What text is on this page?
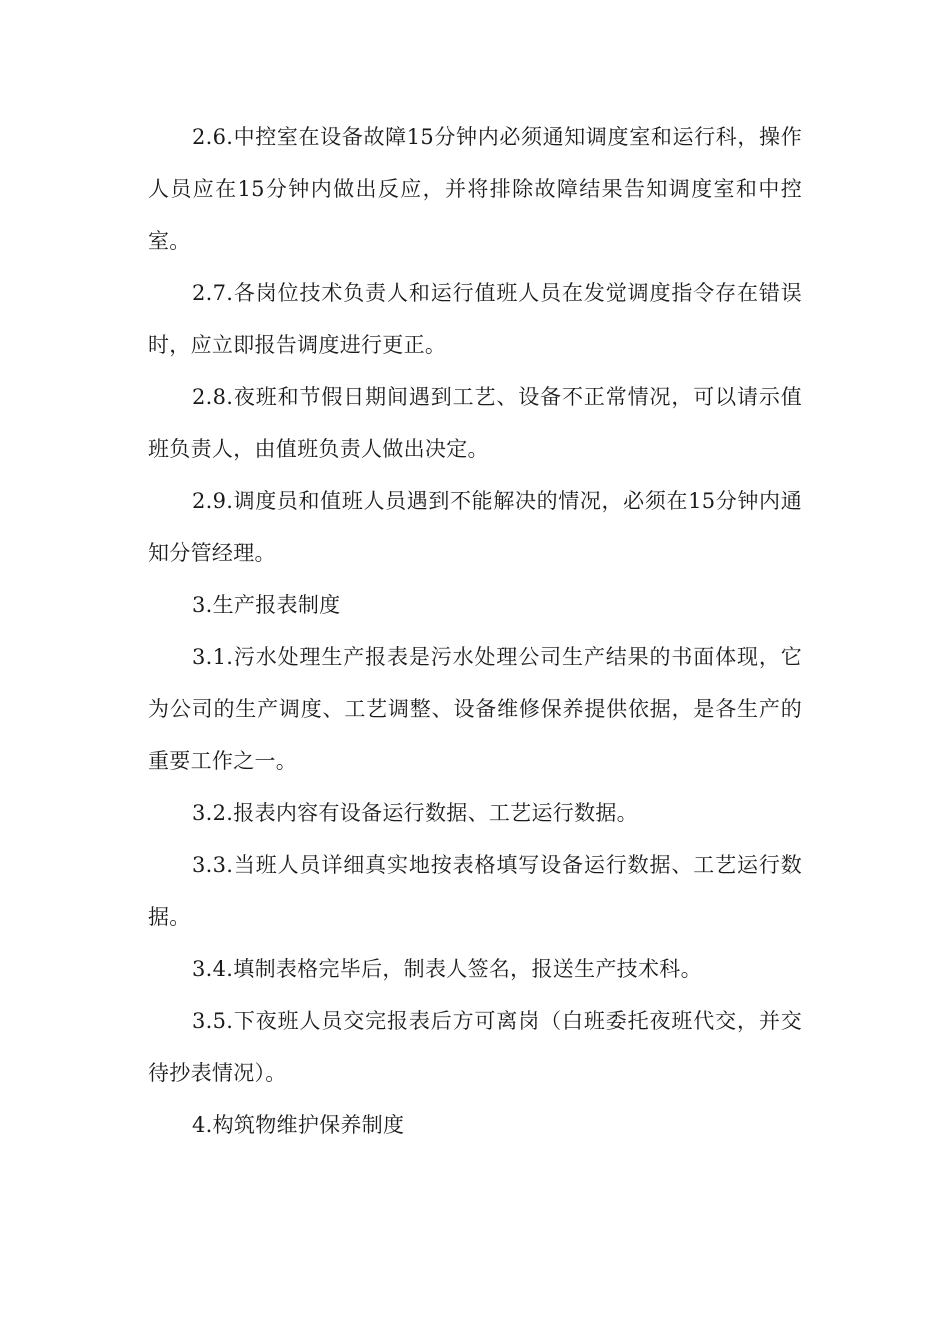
2.6.中控室在设备故障15分钟内必须通知调度室和运行科，操作人员应在15分钟内做出反应，并将排除故障结果告知调度室和中控室。

2.7.各岗位技术负责人和运行值班人员在发觉调度指令存在错误时，应立即报告调度进行更正。

2.8.夜班和节假日期间遇到工艺、设备不正常情况，可以请示值班负责人，由值班负责人做出决定。

2.9.调度员和值班人员遇到不能解决的情况，必须在15分钟内通知分管经理。

3.生产报表制度

3.1.污水处理生产报表是污水处理公司生产结果的书面体现，它为公司的生产调度、工艺调整、设备维修保养提供依据，是各生产的重要工作之一。

3.2.报表内容有设备运行数据、工艺运行数据。

3.3.当班人员详细真实地按表格填写设备运行数据、工艺运行数据。

3.4.填制表格完毕后，制表人签名，报送生产技术科。

3.5.下夜班人员交完报表后方可离岗（白班委托夜班代交，并交待抄表情况）。

4.构筑物维护保养制度
